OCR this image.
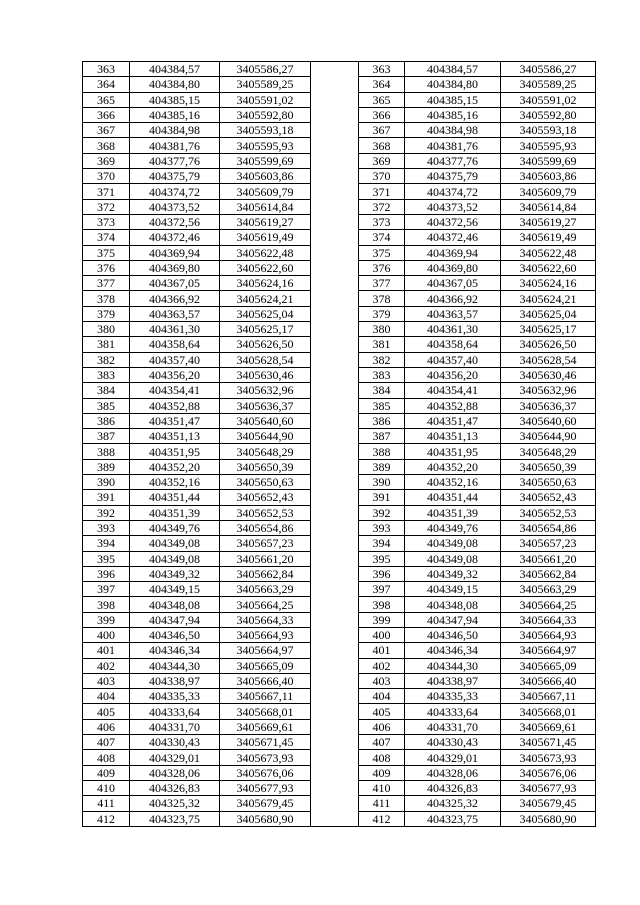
363	404384,57	3405586,27		363	404384,57	3405586,27
364	404384,80	3405589,25		364	404384,80	3405589,25
365	404385,15	3405591,02		365	404385,15	3405591,02
366	404385,16	3405592,80		366	404385,16	3405592,80
367	404384,98	3405593,18		367	404384,98	3405593,18
368	404381,76	3405595,93		368	404381,76	3405595,93
369	404377,76	3405599,69		369	404377,76	3405599,69
370	404375,79	3405603,86		370	404375,79	3405603,86
371	404374,72	3405609,79		371	404374,72	3405609,79
372	404373,52	3405614,84		372	404373,52	3405614,84
373	404372,56	3405619,27		373	404372,56	3405619,27
374	404372,46	3405619,49		374	404372,46	3405619,49
375	404369,94	3405622,48		375	404369,94	3405622,48
376	404369,80	3405622,60		376	404369,80	3405622,60
377	404367,05	3405624,16		377	404367,05	3405624,16
378	404366,92	3405624,21		378	404366,92	3405624,21
379	404363,57	3405625,04		379	404363,57	3405625,04
380	404361,30	3405625,17		380	404361,30	3405625,17
381	404358,64	3405626,50		381	404358,64	3405626,50
382	404357,40	3405628,54		382	404357,40	3405628,54
383	404356,20	3405630,46		383	404356,20	3405630,46
384	404354,41	3405632,96		384	404354,41	3405632,96
385	404352,88	3405636,37		385	404352,88	3405636,37
386	404351,47	3405640,60		386	404351,47	3405640,60
387	404351,13	3405644,90		387	404351,13	3405644,90
388	404351,95	3405648,29		388	404351,95	3405648,29
389	404352,20	3405650,39		389	404352,20	3405650,39
390	404352,16	3405650,63		390	404352,16	3405650,63
391	404351,44	3405652,43		391	404351,44	3405652,43
392	404351,39	3405652,53		392	404351,39	3405652,53
393	404349,76	3405654,86		393	404349,76	3405654,86
394	404349,08	3405657,23		394	404349,08	3405657,23
395	404349,08	3405661,20		395	404349,08	3405661,20
396	404349,32	3405662,84		396	404349,32	3405662,84
397	404349,15	3405663,29		397	404349,15	3405663,29
398	404348,08	3405664,25		398	404348,08	3405664,25
399	404347,94	3405664,33		399	404347,94	3405664,33
400	404346,50	3405664,93		400	404346,50	3405664,93
401	404346,34	3405664,97		401	404346,34	3405664,97
402	404344,30	3405665,09		402	404344,30	3405665,09
403	404338,97	3405666,40		403	404338,97	3405666,40
404	404335,33	3405667,11		404	404335,33	3405667,11
405	404333,64	3405668,01		405	404333,64	3405668,01
406	404331,70	3405669,61		406	404331,70	3405669,61
407	404330,43	3405671,45		407	404330,43	3405671,45
408	404329,01	3405673,93		408	404329,01	3405673,93
409	404328,06	3405676,06		409	404328,06	3405676,06
410	404326,83	3405677,93		410	404326,83	3405677,93
411	404325,32	3405679,45		411	404325,32	3405679,45
412	404323,75	3405680,90		412	404323,75	3405680,90
